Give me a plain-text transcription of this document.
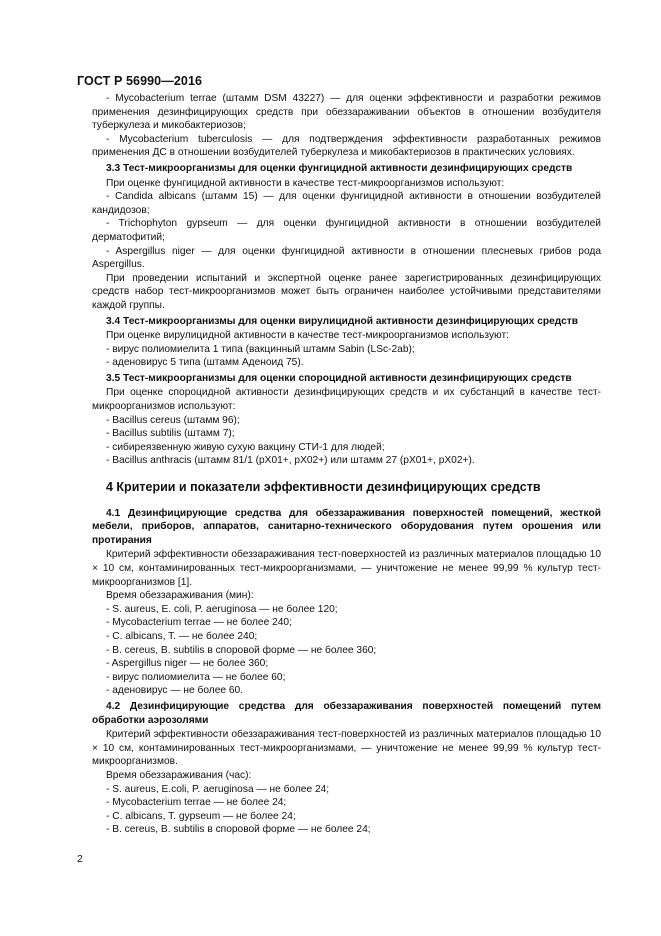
ГОСТ Р 56990—2016
- Mycobacterium terrae (штамм DSM 43227) — для оценки эффективности и разработки режимов применения дезинфицирующих средств при обеззараживании объектов в отношении возбудителя туберкулеза и микобактериозов;
- Mycobacterium tuberculosis — для подтверждения эффективности разработанных режимов применения ДС в отношении возбудителей туберкулеза и микобактериозов в практических условиях.
3.3 Тест-микроорганизмы для оценки фунгицидной активности дезинфицирующих средств

При оценке фунгицидной активности в качестве тест-микроорганизмов используют:

- Candida albicans (штамм 15) — для оценки фунгицидной активности в отношении возбудителей кандидозов;
- Trichophyton gypseum — для оценки фунгицидной активности в отношении возбудителей дерматофитий;
- Aspergillus niger — для оценки фунгицидной активности в отношении плесневых грибов рода Aspergillus.

При проведении испытаний и экспертной оценке ранее зарегистрированных дезинфицирующих средств набор тест-микроорганизмов может быть ограничен наиболее устойчивыми представителями каждой группы.

3.4 Тест-микроорганизмы для оценки вирулицидной активности дезинфицирующих средств

При оценке вирулицидной активности в качестве тест-микроорганизмов используют:

- вирус полиомиелита 1 типа (вакцинный штамм Sabin (LSc-2ab);
- аденовирус 5 типа (штамм Аденоид 75).
3.5 Тест-микроорганизмы для оценки спороцидной активности дезинфицирующих средств

При оценке спороцидной активности дезинфицирующих средств и их субстанций в качестве тест-микроорганизмов используют:

- Bacillus cereus (штамм 96);
- Bacillus subtilis (штамм 7);
- сибиреязвенную живую сухую вакцину СТИ-1 для людей;
- Bacillus anthracis (штамм 81/1 (pX01+, pX02+) или штамм 27 (pX01+, pX02+).
4 Критерии и показатели эффективности дезинфицирующих средств
4.1 Дезинфицирующие средства для обеззараживания поверхностей помещений, жесткой мебели, приборов, аппаратов, санитарно-технического оборудования путем орошения или протирания

Критерий эффективности обеззараживания тест-поверхностей из различных материалов площадью 10 × 10 см, контаминированных тест-микроорганизмами, — уничтожение не менее 99,99 % культур тест-микроорганизмов [1].

Время обеззараживания (мин):

- S. aureus, E. coli, P. aeruginosa — не более 120;
- Mycobacterium terrae — не более 240;
- C. albicans, T. — не более 240;
- B. cereus, B. subtilis в споровой форме — не более 360;
- Aspergillus niger — не более 360;
- вирус полиомиелита — не более 60;
- аденовирус — не более 60.
4.2 Дезинфицирующие средства для обеззараживания поверхностей помещений путем обработки аэрозолями

Критерий эффективности обеззараживания тест-поверхностей из различных материалов площадью 10 × 10 см, контаминированных тест-микроорганизмами, — уничтожение не менее 99,99 % культур тест-микроорганизмов.

Время обеззараживания (час):

- S. aureus, E.coli, P. aeruginosa — не более 24;
- Mycobacterium terrae — не более 24;
- C. albicans, T. gypseum — не более 24;
- B. cereus, B. subtilis в споровой форме — не более 24;
2
